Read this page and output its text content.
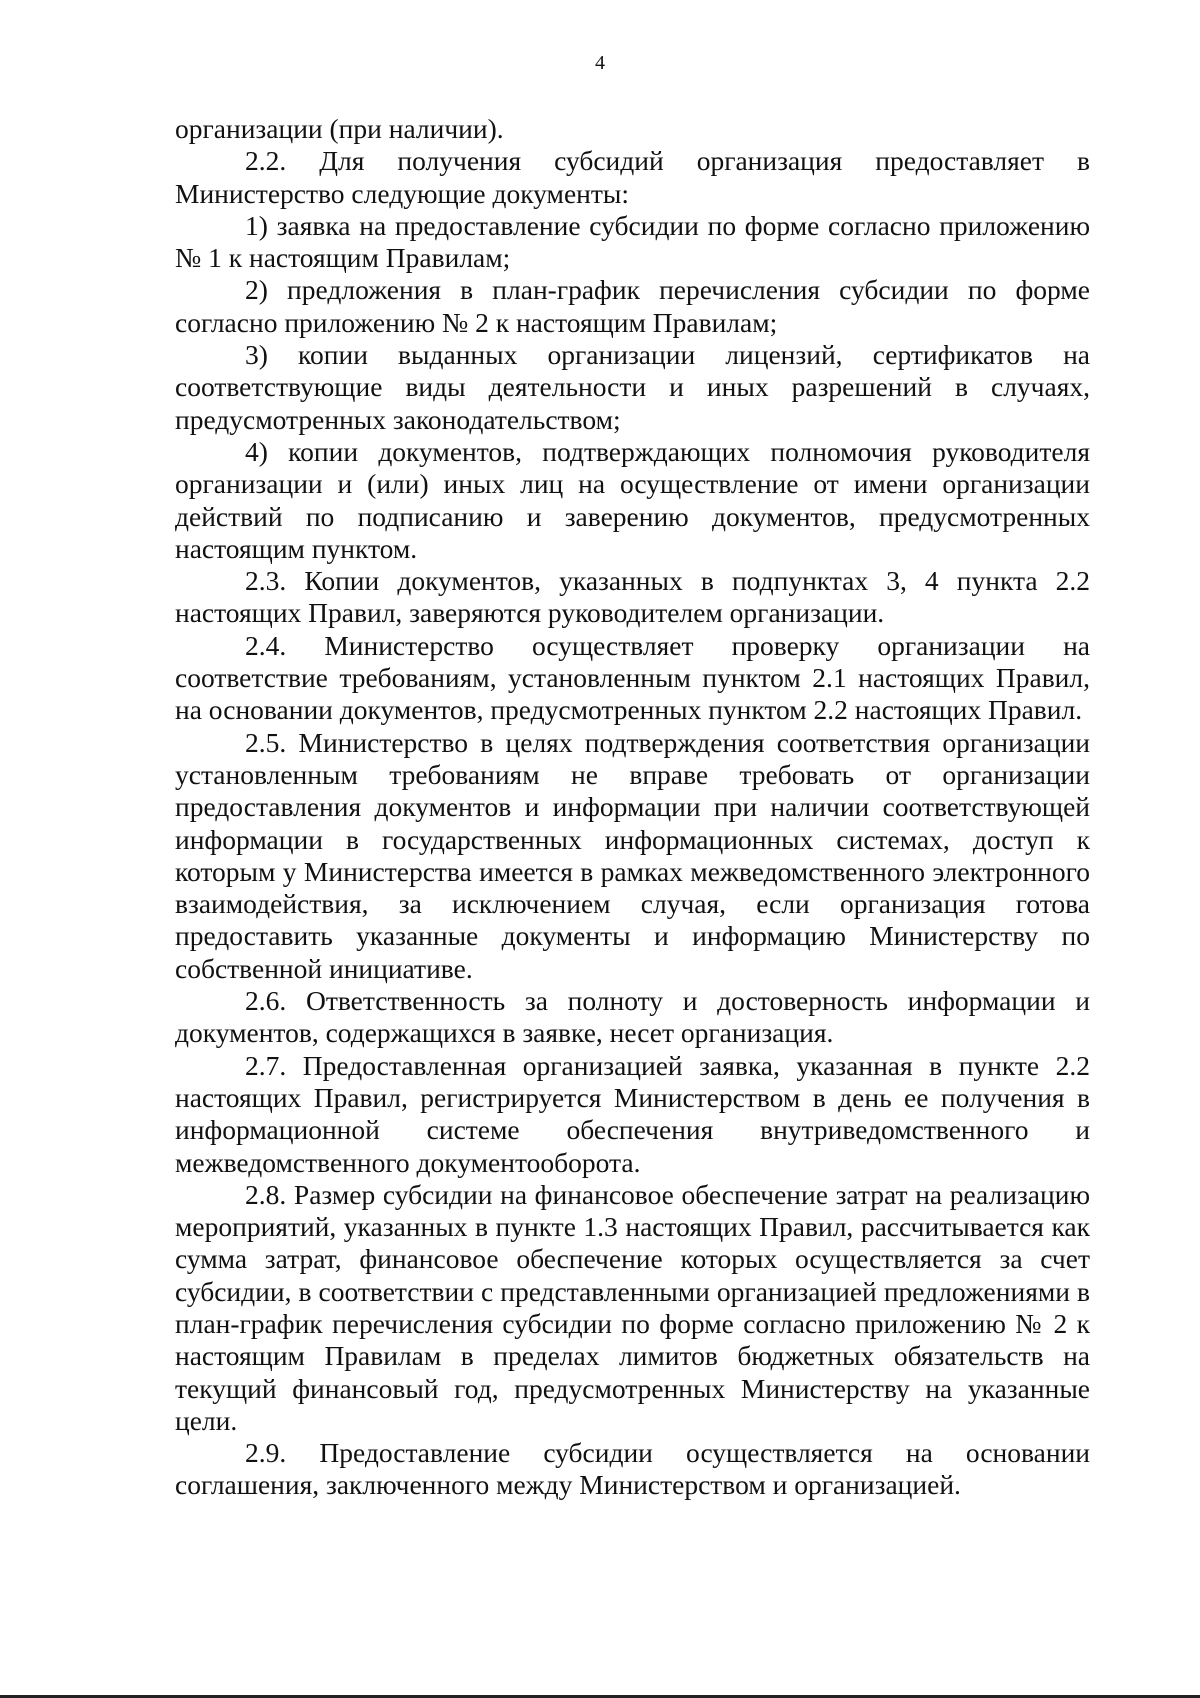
4

организации (при наличии).

2.2. Для получения субсидий организация предоставляет в Министерство следующие документы:

1) заявка на предоставление субсидии по форме согласно приложению № 1 к настоящим Правилам;

2) предложения в план-график перечисления субсидии по форме согласно приложению № 2 к настоящим Правилам;

3) копии выданных организации лицензий, сертификатов на соответствующие виды деятельности и иных разрешений в случаях, предусмотренных законодательством;

4) копии документов, подтверждающих полномочия руководителя организации и (или) иных лиц на осуществление от имени организации действий по подписанию и заверению документов, предусмотренных настоящим пунктом.

2.3. Копии документов, указанных в подпунктах 3, 4 пункта 2.2 настоящих Правил, заверяются руководителем организации.

2.4. Министерство осуществляет проверку организации на соответствие требованиям, установленным пунктом 2.1 настоящих Правил, на основании документов, предусмотренных пунктом 2.2 настоящих Правил.

2.5. Министерство в целях подтверждения соответствия организации установленным требованиям не вправе требовать от организации предоставления документов и информации при наличии соответствующей информации в государственных информационных системах, доступ к которым у Министерства имеется в рамках межведомственного электронного взаимодействия, за исключением случая, если организация готова предоставить указанные документы и информацию Министерству по собственной инициативе.

2.6. Ответственность за полноту и достоверность информации и документов, содержащихся в заявке, несет организация.

2.7. Предоставленная организацией заявка, указанная в пункте 2.2 настоящих Правил, регистрируется Министерством в день ее получения в информационной системе обеспечения внутриведомственного и межведомственного документооборота.

2.8. Размер субсидии на финансовое обеспечение затрат на реализацию мероприятий, указанных в пункте 1.3 настоящих Правил, рассчитывается как сумма затрат, финансовое обеспечение которых осуществляется за счет субсидии, в соответствии с представленными организацией предложениями в план-график перечисления субсидии по форме согласно приложению № 2 к настоящим Правилам в пределах лимитов бюджетных обязательств на текущий финансовый год, предусмотренных Министерству на указанные цели.

2.9. Предоставление субсидии осуществляется на основании соглашения, заключенного между Министерством и организацией.
